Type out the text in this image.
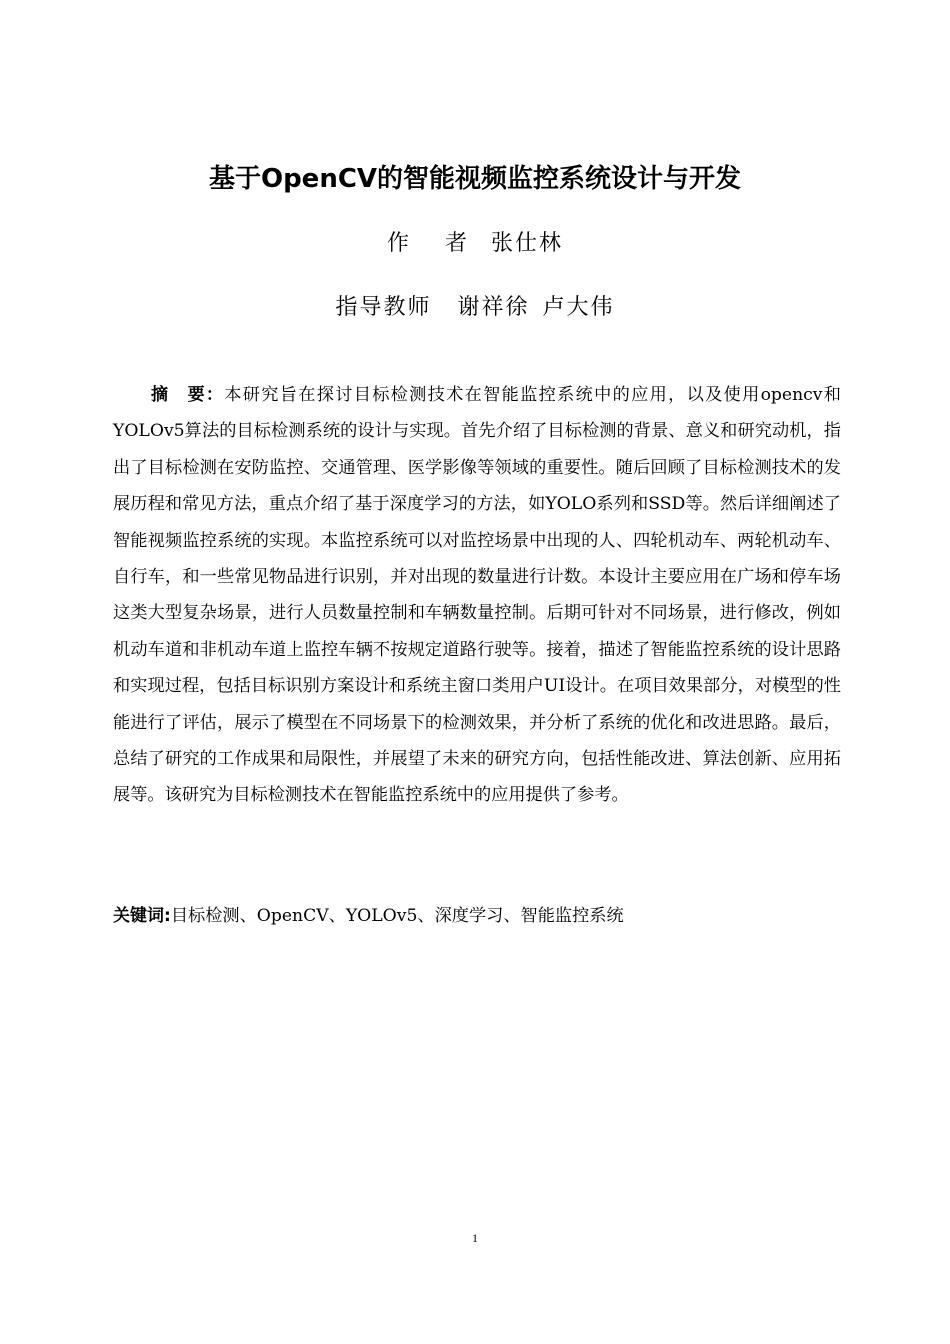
基于OpenCV的智能视频监控系统设计与开发
作者张仕林
指导教师 谢祥徐  卢大伟
摘　要：本研究旨在探讨目标检测技术在智能监控系统中的应用，以及使用opencv和YOLOv5算法的目标检测系统的设计与实现。首先介绍了目标检测的背景、意义和研究动机，指出了目标检测在安防监控、交通管理、医学影像等领域的重要性。随后回顾了目标检测技术的发展历程和常见方法，重点介绍了基于深度学习的方法，如YOLO系列和SSD等。然后详细阐述了智能视频监控系统的实现。本监控系统可以对监控场景中出现的人、四轮机动车、两轮机动车、自行车，和一些常见物品进行识别，并对出现的数量进行计数。本设计主要应用在广场和停车场这类大型复杂场景，进行人员数量控制和车辆数量控制。后期可针对不同场景，进行修改，例如机动车道和非机动车道上监控车辆不按规定道路行驶等。接着，描述了智能监控系统的设计思路和实现过程，包括目标识别方案设计和系统主窗口类用户UI设计。在项目效果部分，对模型的性能进行了评估，展示了模型在不同场景下的检测效果，并分析了系统的优化和改进思路。最后，总结了研究的工作成果和局限性，并展望了未来的研究方向，包括性能改进、算法创新、应用拓展等。该研究为目标检测技术在智能监控系统中的应用提供了参考。
关键词:目标检测、OpenCV、YOLOv5、深度学习、智能监控系统
1
